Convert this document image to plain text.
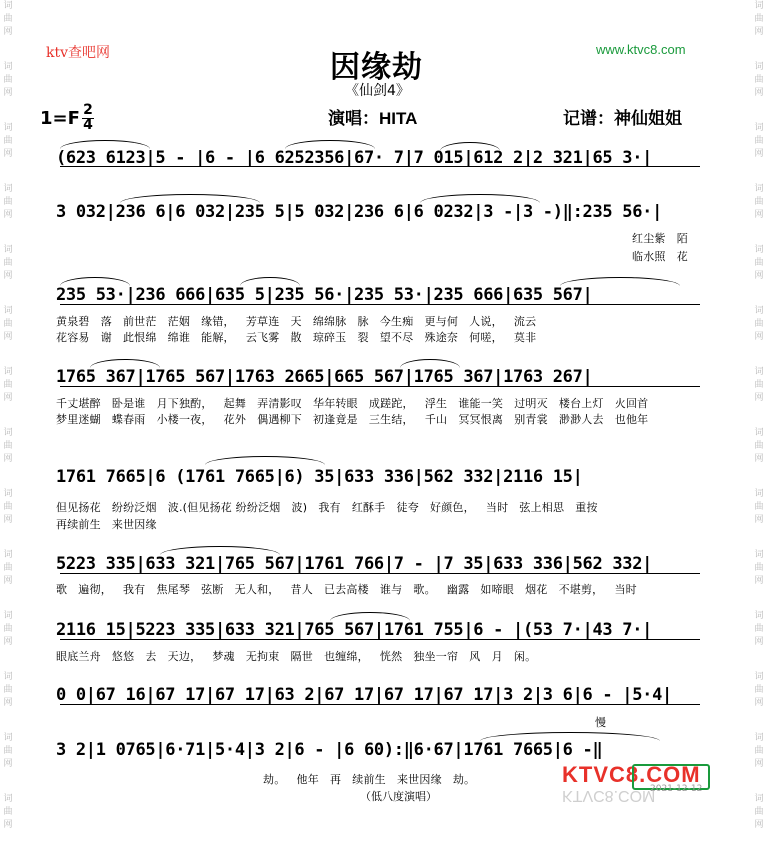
词
曲
网
词
曲
网
词
曲
网
词
曲
网
词
曲
网
词
曲
网
词
曲
网
词
曲
网
词
曲
网
词
曲
网
词
曲
网
词
曲
网
词
曲
网
词
曲
网
词
曲
网
词
曲
网
词
曲
网
词
曲
网
词
曲
网
词
曲
网
词
曲
网
词
曲
网
词
曲
网
词
曲
网
词
曲
网
词
曲
网
词
曲
网
词
曲
网
ktv查吧网	www.ktvc8.com
因缘劫
《仙剑4》
1=F 2
4	演唱：HITA	记谱：神仙姐姐
(623 6123|5 - |6 - |6 6252356|67· 7|7 015|612 2|2 321|65 3·|
3 032|236 6|6 032|235 5|5 032|236 6|6 0232|3 -|3 -)‖:235 56·|
红尘紫   陌
临水照   花
235 53·|236 666|635 5|235 56·|235 53·|235 666|635 567|
黄泉碧   落   前世茫   茫姻   缘错，   芳草连   天   绵绵脉   脉   今生痴   更与何   人说，   流云
花容易   谢   此恨绵   绵谁   能解，   云飞雾   散   琼碎玉   裂   望不尽   殊途奈   何嗟，   莫非
1765 367|1765 567|1763 2665|665 567|1765 367|1763 267|
千丈堪醉   卧是谁   月下独酌，   起舞   弄清影叹   华年转眼   成蹉跎，   浮生   谁能一笑   过明灭   楼台上灯   火回首
梦里迷蝴   蝶春雨   小楼一夜，   花外   偶遇柳下   初逢竟是   三生结，   千山   冥冥恨离   别青裳   渺渺人去   也他年
1761 7665|6 (1761 7665|6) 35|633 336|562 332|2116 15|
但见扬花   纷纷泛烟   波.(但见扬花 纷纷泛烟   波)   我有   红酥手   徒夸   好颜色，   当时   弦上相思   重按
再续前生   来世因缘
5223 335|633 321|765 567|1761 766|7 - |7 35|633 336|562 332|
歌   遍彻，   我有   焦尾琴   弦断   无人和，   昔人   已去高楼   谁与   歌。   幽露   如啼眼   烟花   不堪剪，   当时
2116 15|5223 335|633 321|765 567|1761 755|6 - |(53 7·|43 7·|
眼底兰舟   悠悠   去   天边，   梦魂   无拘束   隔世   也缠绵，   恍然   独坐一帘   风   月   闲。
0 0|67 16|67 17|67 17|63 2|67 17|67 17|67 17|3 2|3 6|6 - |5·4|
慢
3 2|1 0765|6·71|5·4|3 2|6 - |6 60):‖6·67|1761 7665|6 -‖
劫。   他年   再   续前生   来世因缘   劫。
（低八度演唱）
KTVC8.COM
KTVC8.COM
2021-12-12
